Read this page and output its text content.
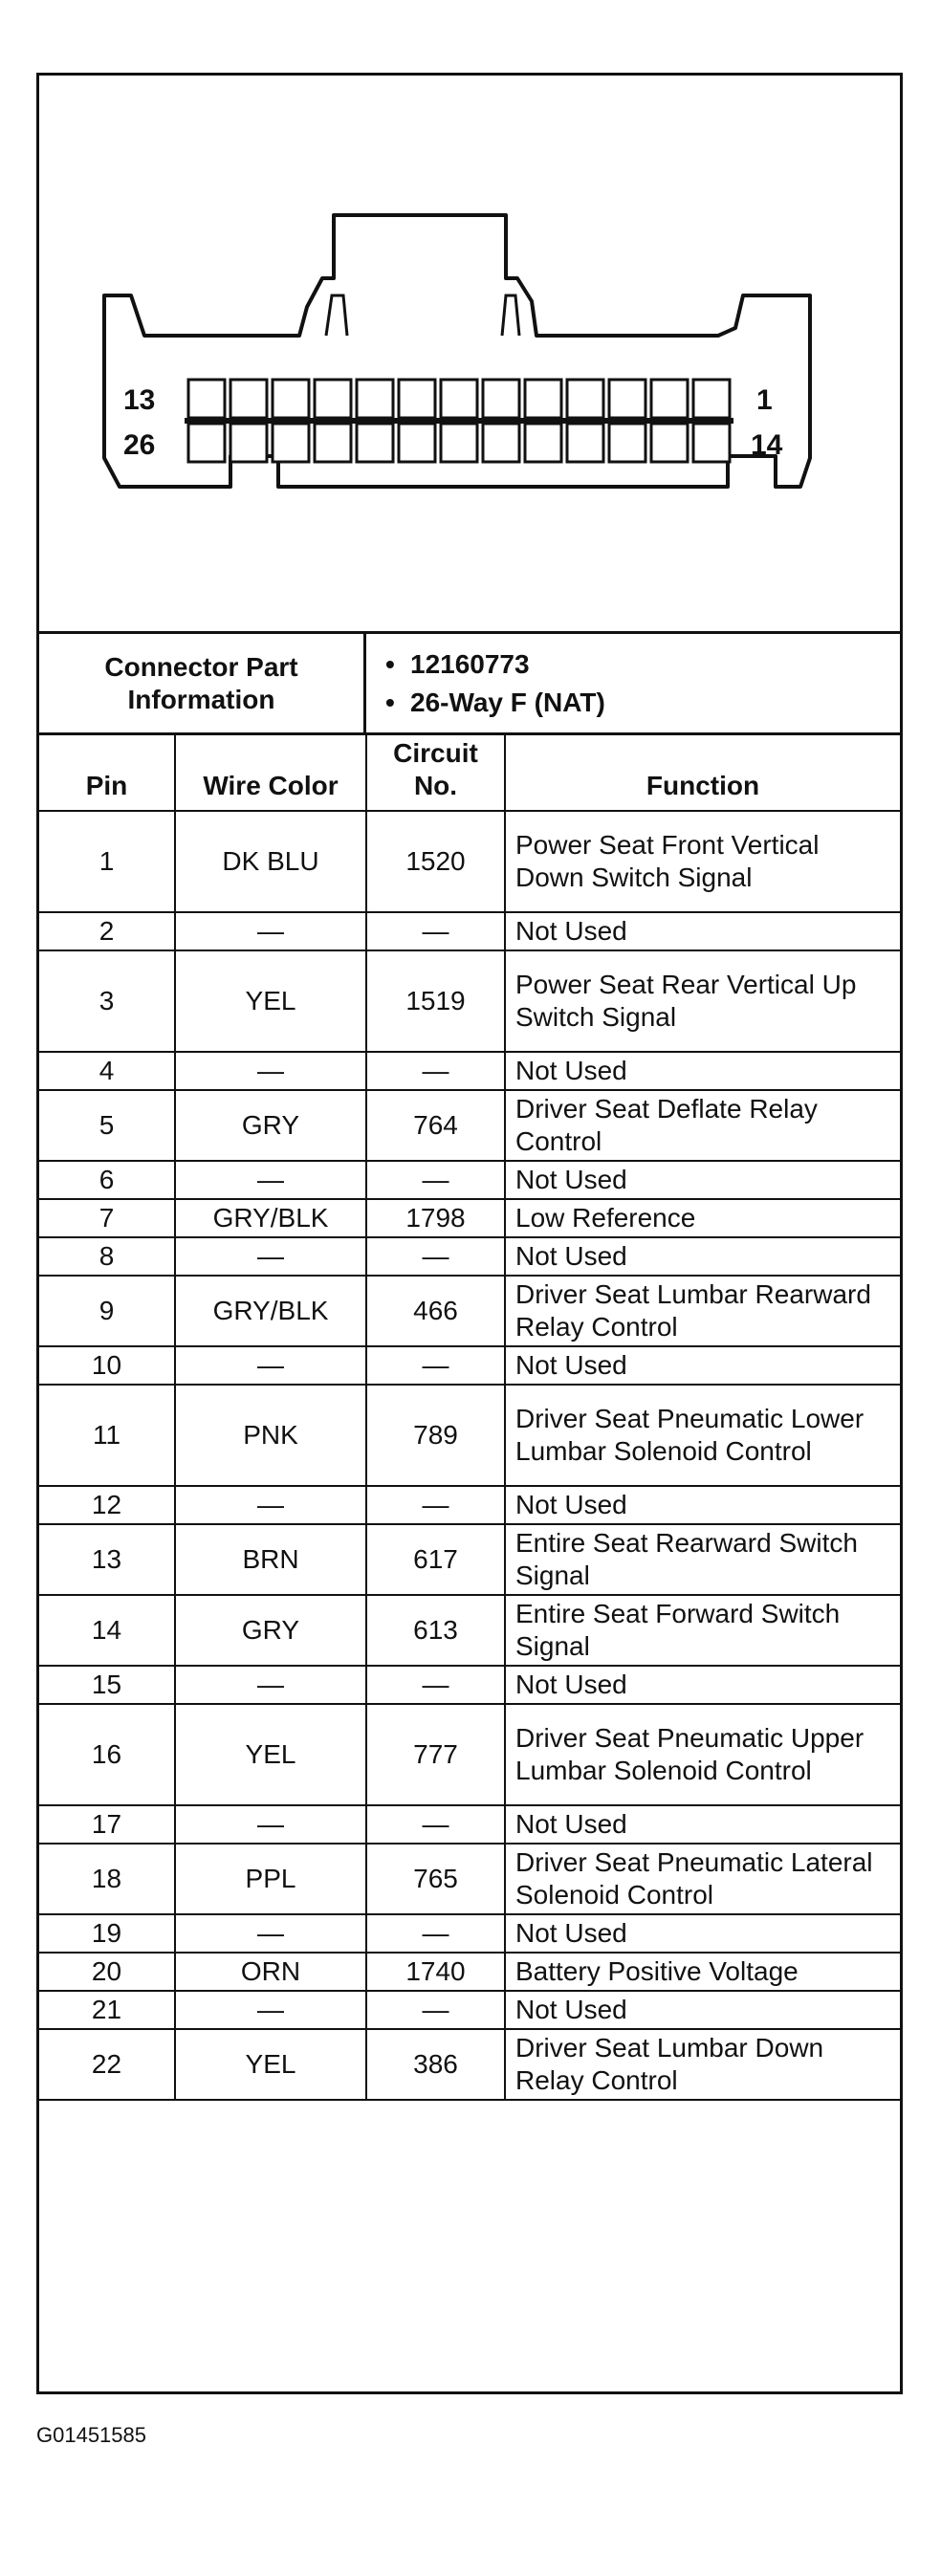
13
26
1
14
Connector Part Information
• 12160773
• 26-Way F (NAT)
Pin	Wire Color	Circuit No.	Function
1	DK BLU	1520	Power Seat Front Vertical Down Switch Signal
2	—	—	Not Used
3	YEL	1519	Power Seat Rear Vertical Up Switch Signal
4	—	—	Not Used
5	GRY	764	Driver Seat Deflate Relay Control
6	—	—	Not Used
7	GRY/BLK	1798	Low Reference
8	—	—	Not Used
9	GRY/BLK	466	Driver Seat Lumbar Rearward Relay Control
10	—	—	Not Used
11	PNK	789	Driver Seat Pneumatic Lower Lumbar Solenoid Control
12	—	—	Not Used
13	BRN	617	Entire Seat Rearward Switch Signal
14	GRY	613	Entire Seat Forward Switch Signal
15	—	—	Not Used
16	YEL	777	Driver Seat Pneumatic Upper Lumbar Solenoid Control
17	—	—	Not Used
18	PPL	765	Driver Seat Pneumatic Lateral Solenoid Control
19	—	—	Not Used
20	ORN	1740	Battery Positive Voltage
21	—	—	Not Used
22	YEL	386	Driver Seat Lumbar Down Relay Control
G01451585
